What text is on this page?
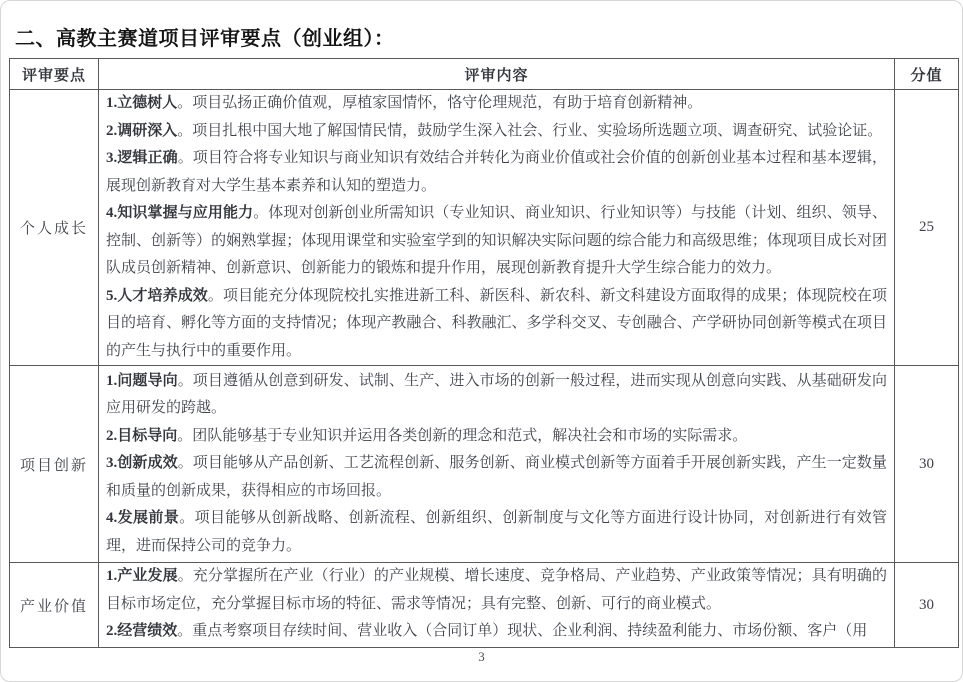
二、高教主赛道项目评审要点（创业组）：
评审要点	评审内容	分值
个人成长	1.立德树人。项目弘扬正确价值观，厚植家国情怀，恪守伦理规范，有助于培育创新精神。

2.调研深入。项目扎根中国大地了解国情民情，鼓励学生深入社会、行业、实验场所选题立项、调查研究、试验论证。

3.逻辑正确。项目符合将专业知识与商业知识有效结合并转化为商业价值或社会价值的创新创业基本过程和基本逻辑，展现创新教育对大学生基本素养和认知的塑造力。

4.知识掌握与应用能力。体现对创新创业所需知识（专业知识、商业知识、行业知识等）与技能（计划、组织、领导、控制、创新等）的娴熟掌握；体现用课堂和实验室学到的知识解决实际问题的综合能力和高级思维；体现项目成长对团队成员创新精神、创新意识、创新能力的锻炼和提升作用，展现创新教育提升大学生综合能力的效力。

5.人才培养成效。项目能充分体现院校扎实推进新工科、新医科、新农科、新文科建设方面取得的成果；体现院校在项目的培育、孵化等方面的支持情况；体现产教融合、科教融汇、多学科交叉、专创融合、产学研协同创新等模式在项目的产生与执行中的重要作用。	25
项目创新	1.问题导向。项目遵循从创意到研发、试制、生产、进入市场的创新一般过程，进而实现从创意向实践、从基础研发向应用研发的跨越。

2.目标导向。团队能够基于专业知识并运用各类创新的理念和范式，解决社会和市场的实际需求。

3.创新成效。项目能够从产品创新、工艺流程创新、服务创新、商业模式创新等方面着手开展创新实践，产生一定数量和质量的创新成果，获得相应的市场回报。

4.发展前景。项目能够从创新战略、创新流程、创新组织、创新制度与文化等方面进行设计协同，对创新进行有效管理，进而保持公司的竞争力。	30
产业价值	1.产业发展。充分掌握所在产业（行业）的产业规模、增长速度、竞争格局、产业趋势、产业政策等情况；具有明确的目标市场定位，充分掌握目标市场的特征、需求等情况；具有完整、创新、可行的商业模式。

2.经营绩效。重点考察项目存续时间、营业收入（合同订单）现状、企业利润、持续盈利能力、市场份额、客户（用	30
3
